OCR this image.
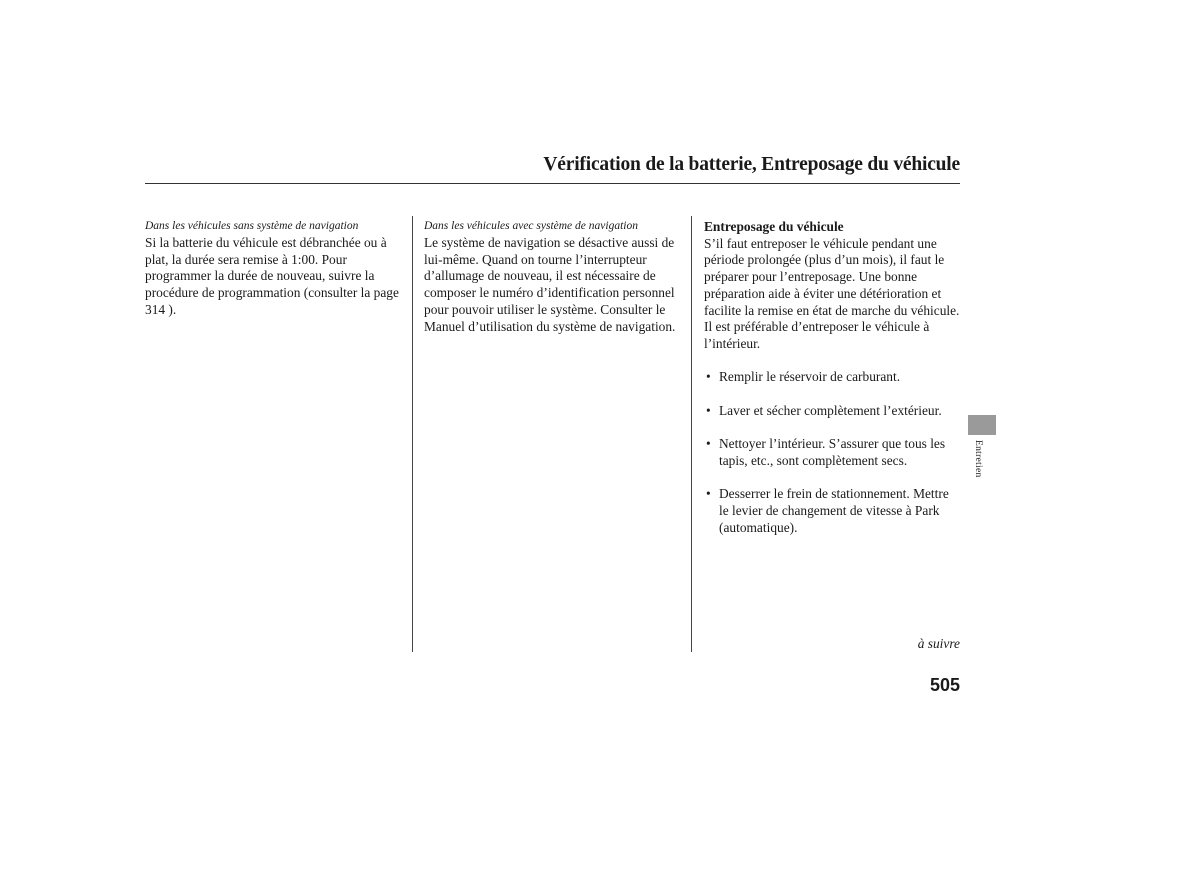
Vérification de la batterie, Entreposage du véhicule
Dans les véhicules sans système de navigation

Si la batterie du véhicule est débranchée ou à plat, la durée sera remise à 1:00. Pour programmer la durée de nouveau, suivre la procédure de programmation (consulter la page 314 ).

Dans les véhicules avec système de navigation

Le système de navigation se désactive aussi de lui-même. Quand on tourne l’interrupteur d’allumage de nouveau, il est nécessaire de composer le numéro d’identification personnel pour pouvoir utiliser le système. Consulter le Manuel d’utilisation du système de navigation.

Entreposage du véhicule

S’il faut entreposer le véhicule pendant une période prolongée (plus d’un mois), il faut le préparer pour l’entreposage. Une bonne préparation aide à éviter une détérioration et facilite la remise en état de marche du véhicule. Il est préférable d’entreposer le véhicule à l’intérieur.

• Remplir le réservoir de carburant.
• Laver et sécher complètement l’extérieur.
• Nettoyer l’intérieur. S’assurer que tous les tapis, etc., sont complètement secs.
• Desserrer le frein de stationnement. Mettre le levier de changement de vitesse à Park (automatique).
Entretien
à suivre
505
